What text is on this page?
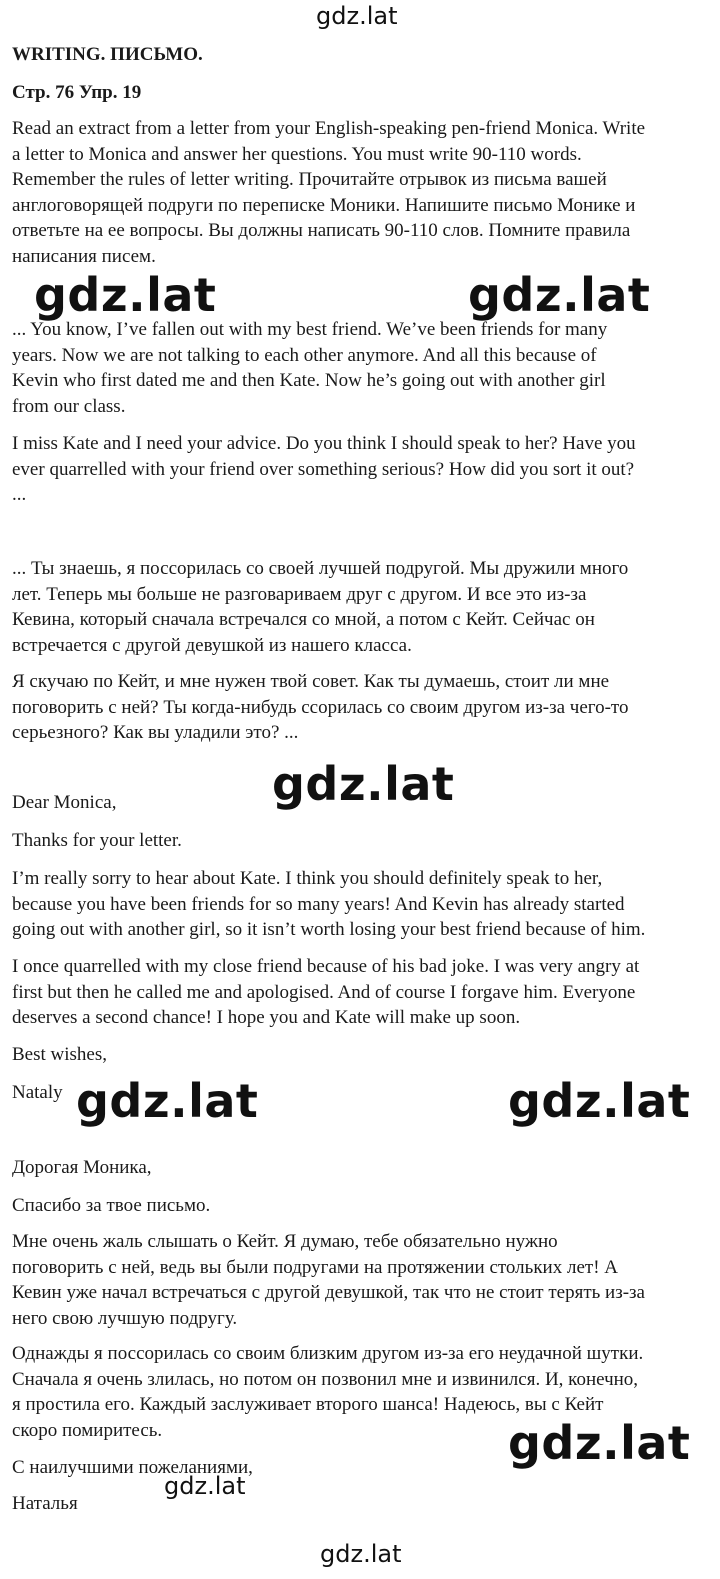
gdz.lat
WRITING. ПИСЬМО.
Стр. 76 Упр. 19
Read an extract from a letter from your English-speaking pen-friend Monica. Write
a letter to Monica and answer her questions. You must write 90-110 words.
Remember the rules of letter writing. Прочитайте отрывок из письма вашей
англоговорящей подруги по переписке Моники. Напишите письмо Монике и
ответьте на ее вопросы. Вы должны написать 90-110 слов. Помните правила
написания писем.
... You know, I’ve fallen out with my best friend. We’ve been friends for many
years. Now we are not talking to each other anymore. And all this because of
Kevin who first dated me and then Kate. Now he’s going out with another girl
from our class.
gdz.lat	gdz.lat
I miss Kate and I need your advice. Do you think I should speak to her? Have you
ever quarrelled with your friend over something serious? How did you sort it out?
...
... Ты знаешь, я поссорилась со своей лучшей подругой. Мы дружили много
лет. Теперь мы больше не разговариваем друг с другом. И все это из-за
Кевина, который сначала встречался со мной, а потом с Кейт. Сейчас он
встречается с другой девушкой из нашего класса.
Я скучаю по Кейт, и мне нужен твой совет. Как ты думаешь, стоит ли мне
поговорить с ней? Ты когда-нибудь ссорилась со своим другом из-за чего-то
серьезного? Как вы уладили это? ...
gdz.lat
Dear Monica,
Thanks for your letter.
I’m really sorry to hear about Kate. I think you should definitely speak to her,
because you have been friends for so many years! And Kevin has already started
going out with another girl, so it isn’t worth losing your best friend because of him.
I once quarrelled with my close friend because of his bad joke. I was very angry at
first but then he called me and apologised. And of course I forgave him. Everyone
deserves a second chance! I hope you and Kate will make up soon.
Best wishes,
Nataly gdz.lat	gdz.lat
Дорогая Моника,
Спасибо за твое письмо.
Мне очень жаль слышать о Кейт. Я думаю, тебе обязательно нужно
поговорить с ней, ведь вы были подругами на протяжении стольких лет! А
Кевин уже начал встречаться с другой девушкой, так что не стоит терять из-за
него свою лучшую подругу.
Однажды я поссорилась со своим близким другом из-за его неудачной шутки.
Сначала я очень злилась, но потом он позвонил мне и извинился. И, конечно,
я простила его. Каждый заслуживает второго шанса! Надеюсь, вы с Кейт
скоро помиритесь.
С наилучшими пожеланиями,
Наталья
gdz.lat
gdz.lat
gdz.lat
